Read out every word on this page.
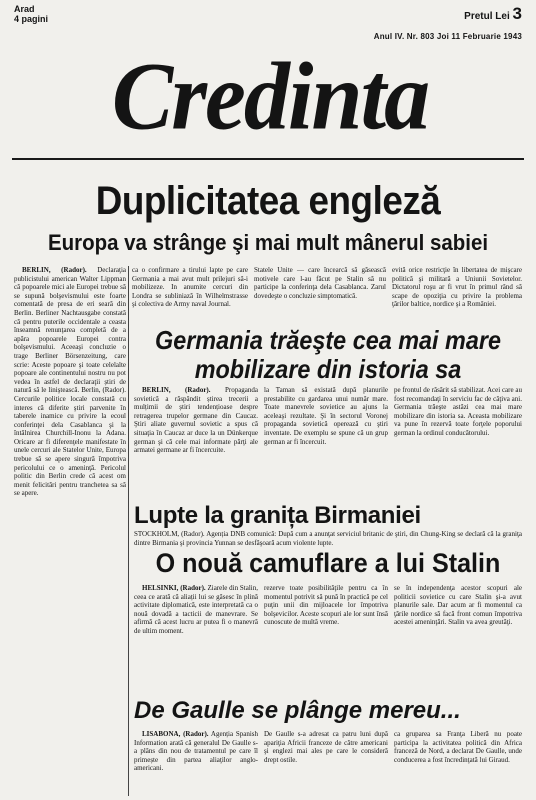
Arad
4 pagini	Pretul Lei 3
Anul IV. Nr. 803 Joi 11 Februarie 1943
Credinta
Duplicitatea engleză
Europa va strânge şi mai mult mânerul sabiei

BERLIN, (Rador). Declaraţia publicistului american Walter Lippman că popoarele mici ale Europei trebue să se supună bolşevismului este foarte comentată de presa de eri seară din Berlin. Berliner Nachtausgabe constată că pentru puterile occidentale a ceasta înseamnă renunţarea completă de a apăra popoarele Europei contra bolşevismului. Aceeaşi concluzie o trage Berliner Börsenzeitung, care scrie: Aceste popoare şi toate celelalte popoare ale continentului nostru nu pot vedea în astfel de declaraţii știri de natură să le liniştească. Berlin, (Rador). Cercurile politice locale constată cu interes că diferite ştiri parvenite în taberele inamice cu privire la ecoul conferinţei dela Casablanca şi la întâlnirea Churchill-Inonu la Adana. Oricare ar fi diferenţele manifestate în unele cercuri ale Statelor Unite, Europa trebue să se apere singură împotriva pericolului ce o ameninţă. Pericolul politic din Berlin crede că acest om menit felicitări pentru tranchetea sa să se apere.

ca o confirmare a tirului lapte pe care Germania a mai avut mult prilejuri să-i mobilizeze. In anumite cercuri din Londra se subliniază în Wilhelmstrasse şi colectiva de Army naval Journal.
Statele Unite — care încearcă să găsească motivele care l-au făcut pe Stalin să nu participe la conferinţa dela Casablanca. Zarul dovedeşte o concluzie simptomatică.
evită orice restricţie în libertatea de mişcare politică şi militară a Uniunii Sovietelor. Dictatorul roşu ar fi vrut în primul rând să scape de opoziţia cu privire la problema ţărilor baltice, nordice şi a României.
Germania trăeşte cea mai mare mobilizare din istoria sa

BERLIN, (Rador). Propaganda sovietică a răspândit știrea trecerii a mulțimii de știri tendențioase despre retragerea trupelor germane din Caucaz. Ştiri aliate guvernul sovietic a spus că situaţia în Caucaz ar duce la un Dünkerque german şi că cele mai informate părţi ale armatei germane ar fi încercuite.

la Taman să existată după planurile prestabilite cu gardarea unui număr mare. Toate manevrele sovietice au ajuns la aceleaşi rezultate. Şi în sectorul Voronej propaganda sovietică operează cu ştiri inventate. De exemplu se spune că un grup german ar fi încercuit.
pe frontul de răsărit să stabilizat. Acei care au fost recomandaţi în serviciu fac de câţiva ani. Germania trăeşte astăzi cea mai mare mobilizare din istoria sa. Aceasta mobilizare va pune în rezervă toate forţele poporului german la ordinul conducătorului.
Lupte la granița Birmaniei
STOCKHOLM, (Rador). Agenția DNB comunică: După cum a anunţat serviciul britanic de ştiri, din Chung-King se declară că la graniţa dintre Birmania şi provincia Yunnan se desfăşoară acum violente lupte.
O nouă camuflare a lui Stalin

HELSINKI, (Rador). Ziarele din Stalin, ceea ce arată că aliații lui se găsesc în plină activitate diplomatică, este interpretată ca o nouă dovadă a tacticii de manevrare. Se afirmă că acest lucru ar putea fi o manevră de ultim moment.

rezerve toate posibilităţile pentru ca în momentul potrivit să pună în practică pe cel puţin unii din mijloacele lor împotriva bolşevicilor. Aceste scopuri ale lor sunt însă cunoscute de multă vreme.
se în independenţa acestor scopuri ale politicii sovietice cu care Stalin şi-a avut planurile sale. Dar acum ar fi momentul ca ţările nordice să facă front comun împotriva acestei ameninţări. Stalin va avea greutăţi.
De Gaulle se plânge mereu...

LISABONA, (Rador). Agenția Spanish Information arată că generalul De Gaulle s-a plâns din nou de tratamentul pe care îl primește din partea aliaţilor anglo-americani.

De Gaulle s-a adresat ca patru luni după apariţia Africii franceze de către americani şi englezi mai ales pe care le consideră drept ostile.
ca gruparea sa Franţa Liberă nu poate participa la activitatea politică din Africa franceză de Nord, a declarat De Gaulle, unde conducerea a fost încredinţată lui Giraud.
